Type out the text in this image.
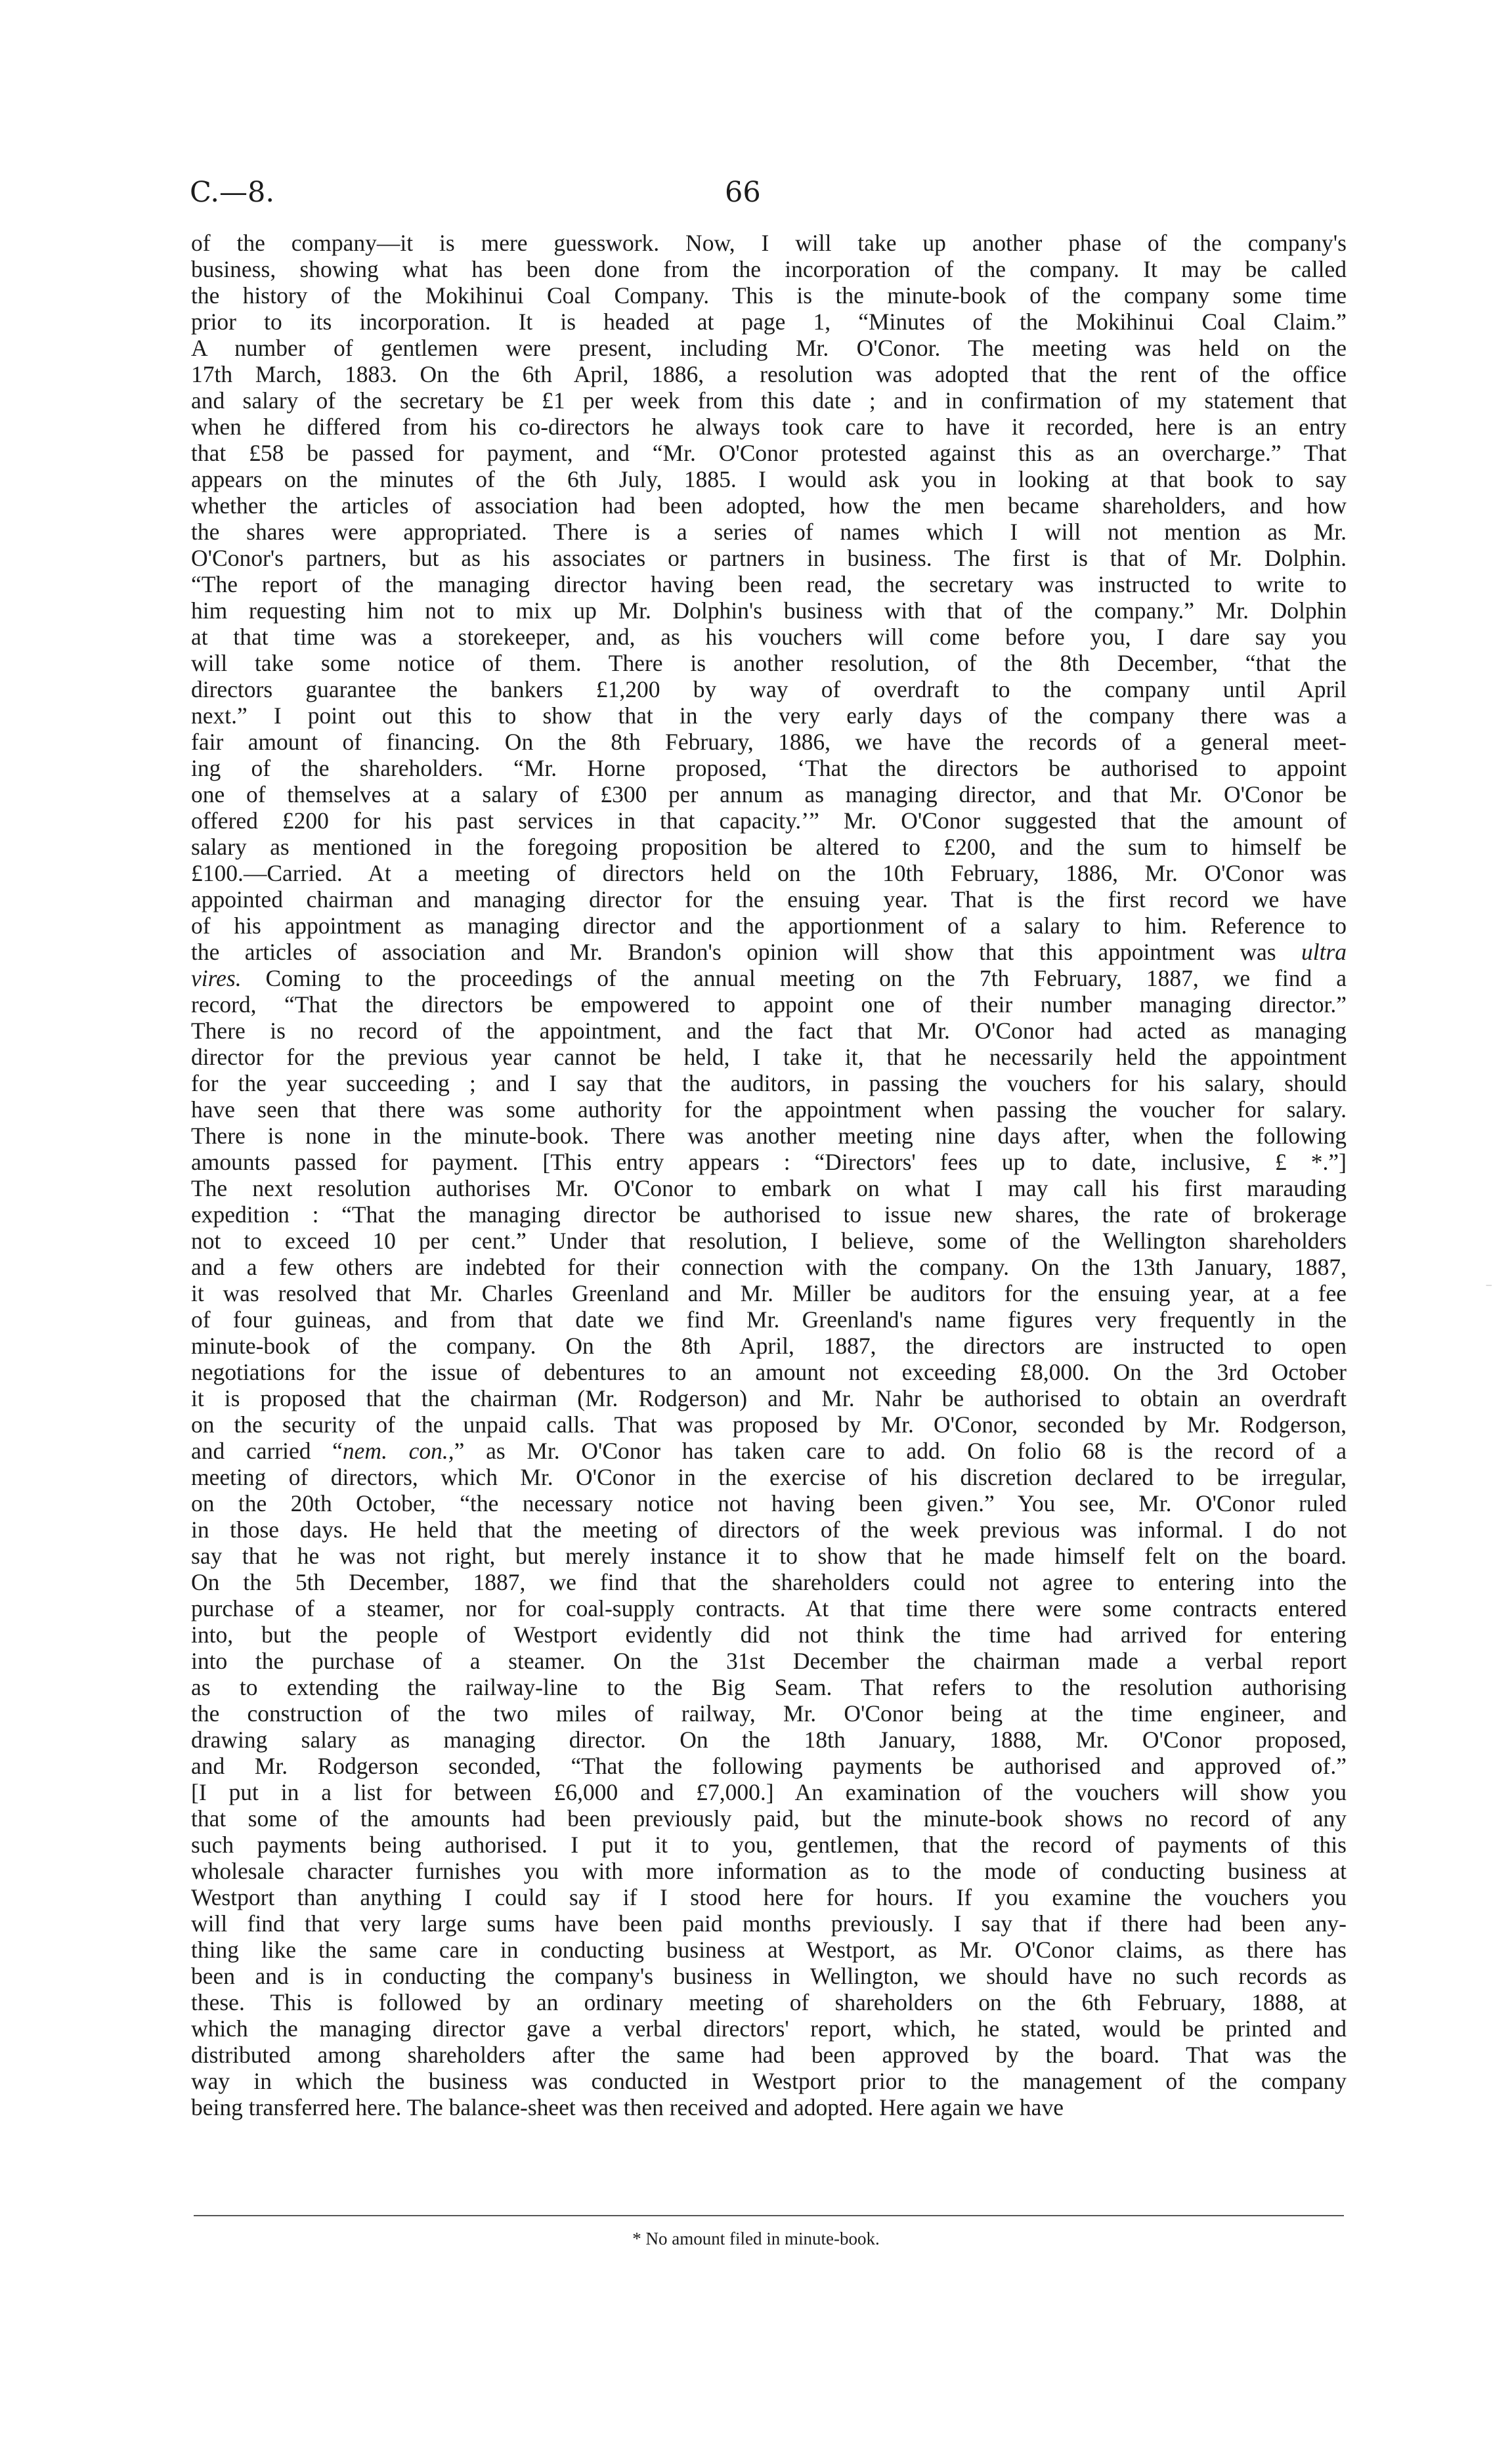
C.—8.	66
of the company—it is mere guesswork. Now, I will take up another phase of the company's
business, showing what has been done from the incorporation of the company. It may be called
the history of the Mokihinui Coal Company. This is the minute-book of the company some time
prior to its incorporation. It is headed at page 1, “Minutes of the Mokihinui Coal Claim.”
A number of gentlemen were present, including Mr. O'Conor. The meeting was held on the
17th March, 1883. On the 6th April, 1886, a resolution was adopted that the rent of the office
and salary of the secretary be £1 per week from this date ; and in confirmation of my statement that
when he differed from his co-directors he always took care to have it recorded, here is an entry
that £58 be passed for payment, and “Mr. O'Conor protested against this as an overcharge.” That
appears on the minutes of the 6th July, 1885. I would ask you in looking at that book to say
whether the articles of association had been adopted, how the men became shareholders, and how
the shares were appropriated. There is a series of names which I will not mention as Mr.
O'Conor's partners, but as his associates or partners in business. The first is that of Mr. Dolphin.
“The report of the managing director having been read, the secretary was instructed to write to
him requesting him not to mix up Mr. Dolphin's business with that of the company.” Mr. Dolphin
at that time was a storekeeper, and, as his vouchers will come before you, I dare say you
will take some notice of them. There is another resolution, of the 8th December, “that the
directors guarantee the bankers £1,200 by way of overdraft to the company until April
next.” I point out this to show that in the very early days of the company there was a
fair amount of financing. On the 8th February, 1886, we have the records of a general meet-
ing of the shareholders. “Mr. Horne proposed, ‘That the directors be authorised to appoint
one of themselves at a salary of £300 per annum as managing director, and that Mr. O'Conor be
offered £200 for his past services in that capacity.’” Mr. O'Conor suggested that the amount of
salary as mentioned in the foregoing proposition be altered to £200, and the sum to himself be
£100.—Carried. At a meeting of directors held on the 10th February, 1886, Mr. O'Conor was
appointed chairman and managing director for the ensuing year. That is the first record we have
of his appointment as managing director and the apportionment of a salary to him. Reference to
the articles of association and Mr. Brandon's opinion will show that this appointment was ultra
vires. Coming to the proceedings of the annual meeting on the 7th February, 1887, we find a
record, “That the directors be empowered to appoint one of their number managing director.”
There is no record of the appointment, and the fact that Mr. O'Conor had acted as managing
director for the previous year cannot be held, I take it, that he necessarily held the appointment
for the year succeeding ; and I say that the auditors, in passing the vouchers for his salary, should
have seen that there was some authority for the appointment when passing the voucher for salary.
There is none in the minute-book. There was another meeting nine days after, when the following
amounts passed for payment. [This entry appears : “Directors' fees up to date, inclusive, £ *.”]
The next resolution authorises Mr. O'Conor to embark on what I may call his first marauding
expedition : “That the managing director be authorised to issue new shares, the rate of brokerage
not to exceed 10 per cent.” Under that resolution, I believe, some of the Wellington shareholders
and a few others are indebted for their connection with the company. On the 13th January, 1887,
it was resolved that Mr. Charles Greenland and Mr. Miller be auditors for the ensuing year, at a fee
of four guineas, and from that date we find Mr. Greenland's name figures very frequently in the
minute-book of the company. On the 8th April, 1887, the directors are instructed to open
negotiations for the issue of debentures to an amount not exceeding £8,000. On the 3rd October
it is proposed that the chairman (Mr. Rodgerson) and Mr. Nahr be authorised to obtain an overdraft
on the security of the unpaid calls. That was proposed by Mr. O'Conor, seconded by Mr. Rodgerson,
and carried “nem. con.,” as Mr. O'Conor has taken care to add. On folio 68 is the record of a
meeting of directors, which Mr. O'Conor in the exercise of his discretion declared to be irregular,
on the 20th October, “the necessary notice not having been given.” You see, Mr. O'Conor ruled
in those days. He held that the meeting of directors of the week previous was informal. I do not
say that he was not right, but merely instance it to show that he made himself felt on the board.
On the 5th December, 1887, we find that the shareholders could not agree to entering into the
purchase of a steamer, nor for coal-supply contracts. At that time there were some contracts entered
into, but the people of Westport evidently did not think the time had arrived for entering
into the purchase of a steamer. On the 31st December the chairman made a verbal report
as to extending the railway-line to the Big Seam. That refers to the resolution authorising
the construction of the two miles of railway, Mr. O'Conor being at the time engineer, and
drawing salary as managing director. On the 18th January, 1888, Mr. O'Conor proposed,
and Mr. Rodgerson seconded, “That the following payments be authorised and approved of.”
[I put in a list for between £6,000 and £7,000.] An examination of the vouchers will show you
that some of the amounts had been previously paid, but the minute-book shows no record of any
such payments being authorised. I put it to you, gentlemen, that the record of payments of this
wholesale character furnishes you with more information as to the mode of conducting business at
Westport than anything I could say if I stood here for hours. If you examine the vouchers you
will find that very large sums have been paid months previously. I say that if there had been any-
thing like the same care in conducting business at Westport, as Mr. O'Conor claims, as there has
been and is in conducting the company's business in Wellington, we should have no such records as
these. This is followed by an ordinary meeting of shareholders on the 6th February, 1888, at
which the managing director gave a verbal directors' report, which, he stated, would be printed and
distributed among shareholders after the same had been approved by the board. That was the
way in which the business was conducted in Westport prior to the management of the company
being transferred here. The balance-sheet was then received and adopted. Here again we have
* No amount filed in minute-book.
⁻
